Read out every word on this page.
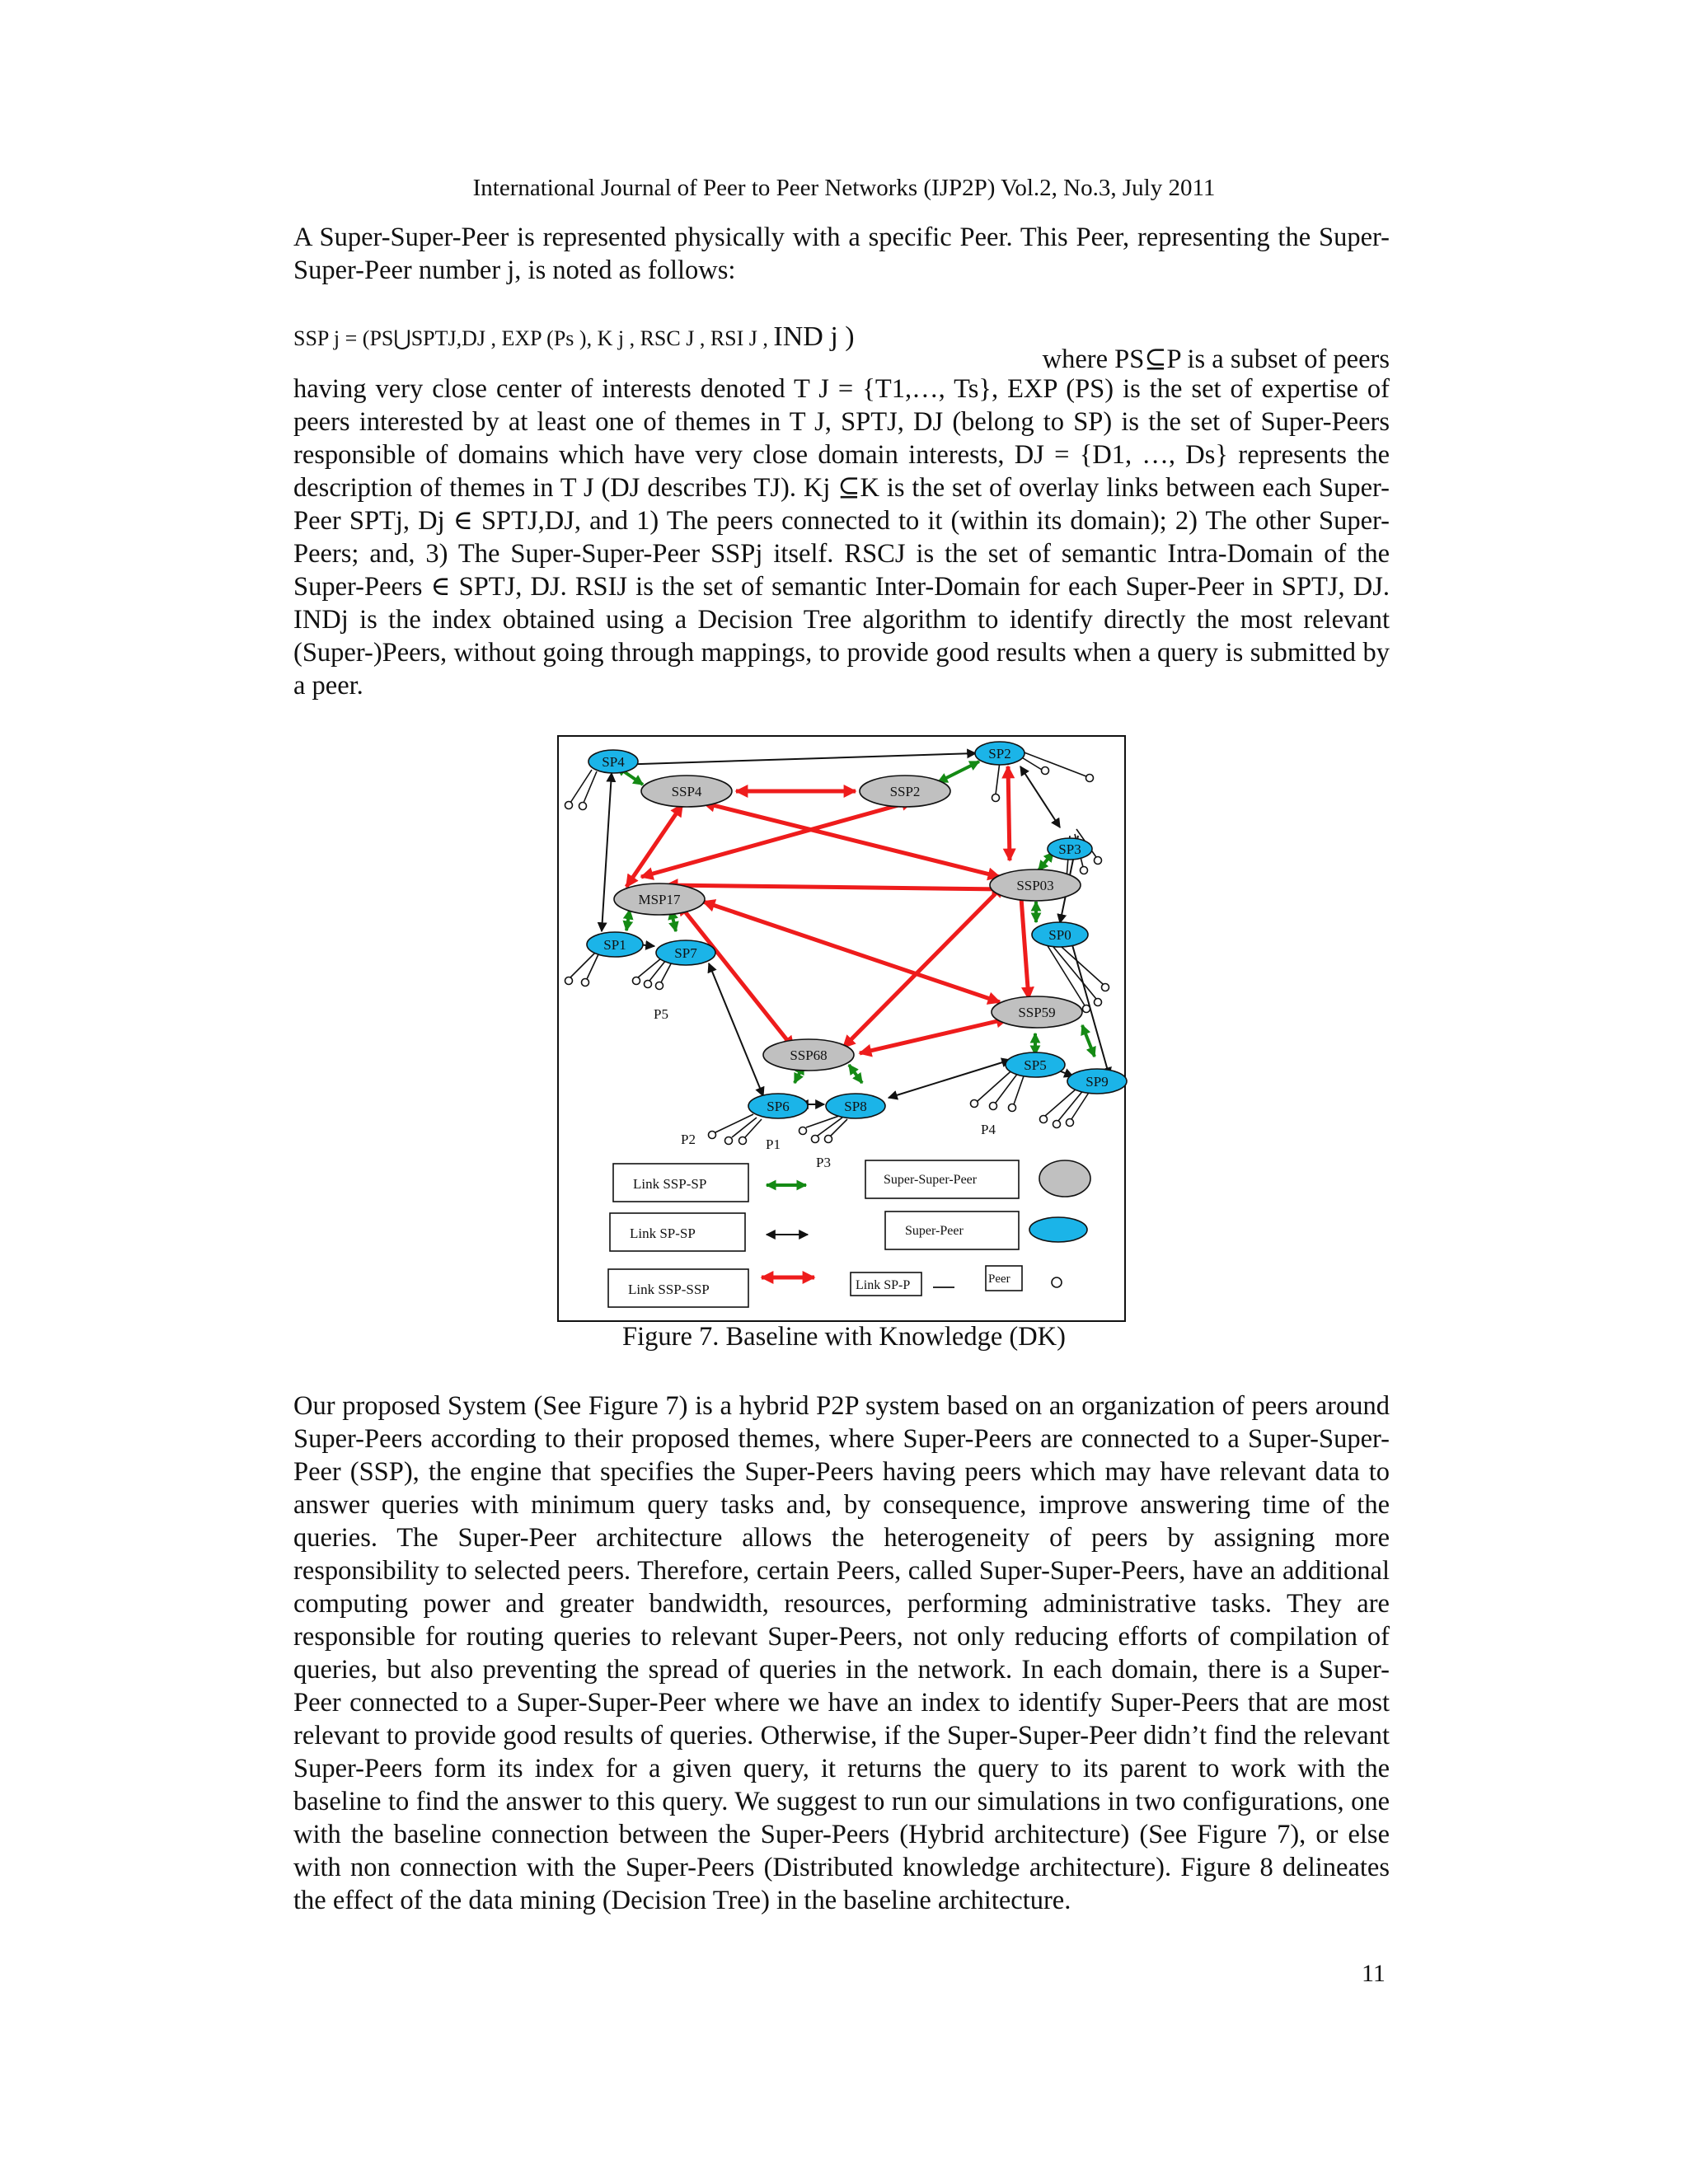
International Journal of Peer to Peer Networks (IJP2P) Vol.2, No.3, July 2011

A Super-Super-Peer is represented physically with a specific Peer. This Peer, representing the Super-Super-Peer number j, is noted as follows:

SSP j = (PS⋃SPTJ,DJ , EXP (Ps ), K j , RSC J , RSI J , IND j )
where PS⊆P is a subset of peers

having very close center of interests denoted T J = {T1,…, Ts}, EXP (PS) is the set of expertise of peers interested by at least one of themes in T J, SPTJ, DJ (belong to SP) is the set of Super-Peers responsible of domains which have very close domain interests, DJ = {D1, …, Ds} represents the description of themes in T J (DJ describes TJ). Kj ⊆K is the set of overlay links between each Super-Peer SPTj, Dj ∈ SPTJ,DJ, and 1) The peers connected to it (within its domain); 2) The other Super-Peers; and, 3) The Super-Super-Peer SSPj itself. RSCJ is the set of semantic Intra-Domain of the Super-Peers ∈ SPTJ, DJ. RSIJ is the set of semantic Inter-Domain for each Super-Peer in SPTJ, DJ. INDj is the index obtained using a Decision Tree algorithm to identify directly the most relevant (Super-)Peers, without going through mappings, to provide good results when a query is submitted by a peer.

SSP4	SSP2
SSP03
MSP17
SSP59
SSP68
SP4
SP2
SP3
SP0
SP1
SP7
SP5
SP9
SP6	SP8
P5
P2	P1
P3
P4
Link SSP-SP
Link SP-SP
Link SSP-SSP
Super-Super-Peer
Super-Peer
Link SP-P	Peer
Figure 7. Baseline with Knowledge (DK)

Our proposed System (See Figure 7) is a hybrid P2P system based on an organization of peers around Super-Peers according to their proposed themes, where Super-Peers are connected to a Super-Super-Peer (SSP), the engine that specifies the Super-Peers having peers which may have relevant data to answer queries with minimum query tasks and, by consequence, improve answering time of the queries. The Super-Peer architecture allows the heterogeneity of peers by assigning more responsibility to selected peers. Therefore, certain Peers, called Super-Super-Peers, have an additional computing power and greater bandwidth, resources, performing administrative tasks. They are responsible for routing queries to relevant Super-Peers, not only reducing efforts of compilation of queries, but also preventing the spread of queries in the network. In each domain, there is a Super-Peer connected to a Super-Super-Peer where we have an index to identify Super-Peers that are most relevant to provide good results of queries. Otherwise, if the Super-Super-Peer didn’t find the relevant Super-Peers form its index for a given query, it returns the query to its parent to work with the baseline to find the answer to this query. We suggest to run our simulations in two configurations, one with the baseline connection between the Super-Peers (Hybrid architecture) (See Figure 7), or else with non connection with the Super-Peers (Distributed knowledge architecture). Figure 8 delineates the effect of the data mining (Decision Tree) in the baseline architecture.

11
